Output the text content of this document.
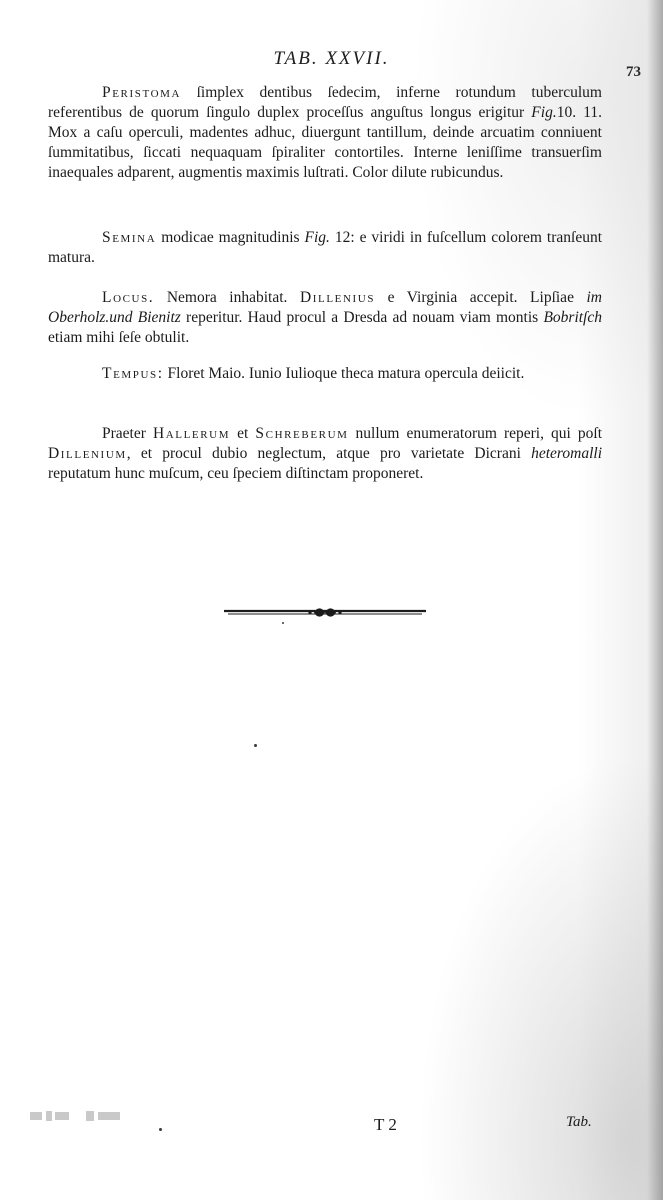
TAB. XXVII.
73

Peristoma ſimplex dentibus ſedecim, inferne rotundum tuberculum referentibus de quorum ſingulo duplex proceſſus anguſtus longus erigitur Fig.10. 11. Mox a caſu operculi, madentes adhuc, diuergunt tantillum, deinde arcuatim conniuent ſummitatibus, ſiccati nequaquam ſpiraliter contortiles. Interne leniſſime transuerſim inaequales adparent, augmentis maximis luſtrati. Color dilute rubicundus.

Semina modicae magnitudinis Fig. 12: e viridi in fuſcellum colorem tranſeunt matura.

Locus. Nemora inhabitat. Dillenius e Virginia accepit. Lipſiae im Oberholz.und Bienitz reperitur. Haud procul a Dresda ad nouam viam montis Bobritſch etiam mihi ſeſe obtulit.

Tempus: Floret Maio. Iunio Iulioque theca matura opercula deiicit.

Praeter Hallerum et Schreberum nullum enumeratorum reperi, qui poſt Dillenium, et procul dubio neglectum, atque pro varietate Dicrani heteromalli reputatum hunc muſcum, ceu ſpeciem diſtinctam proponeret.

T 2	Tab.
